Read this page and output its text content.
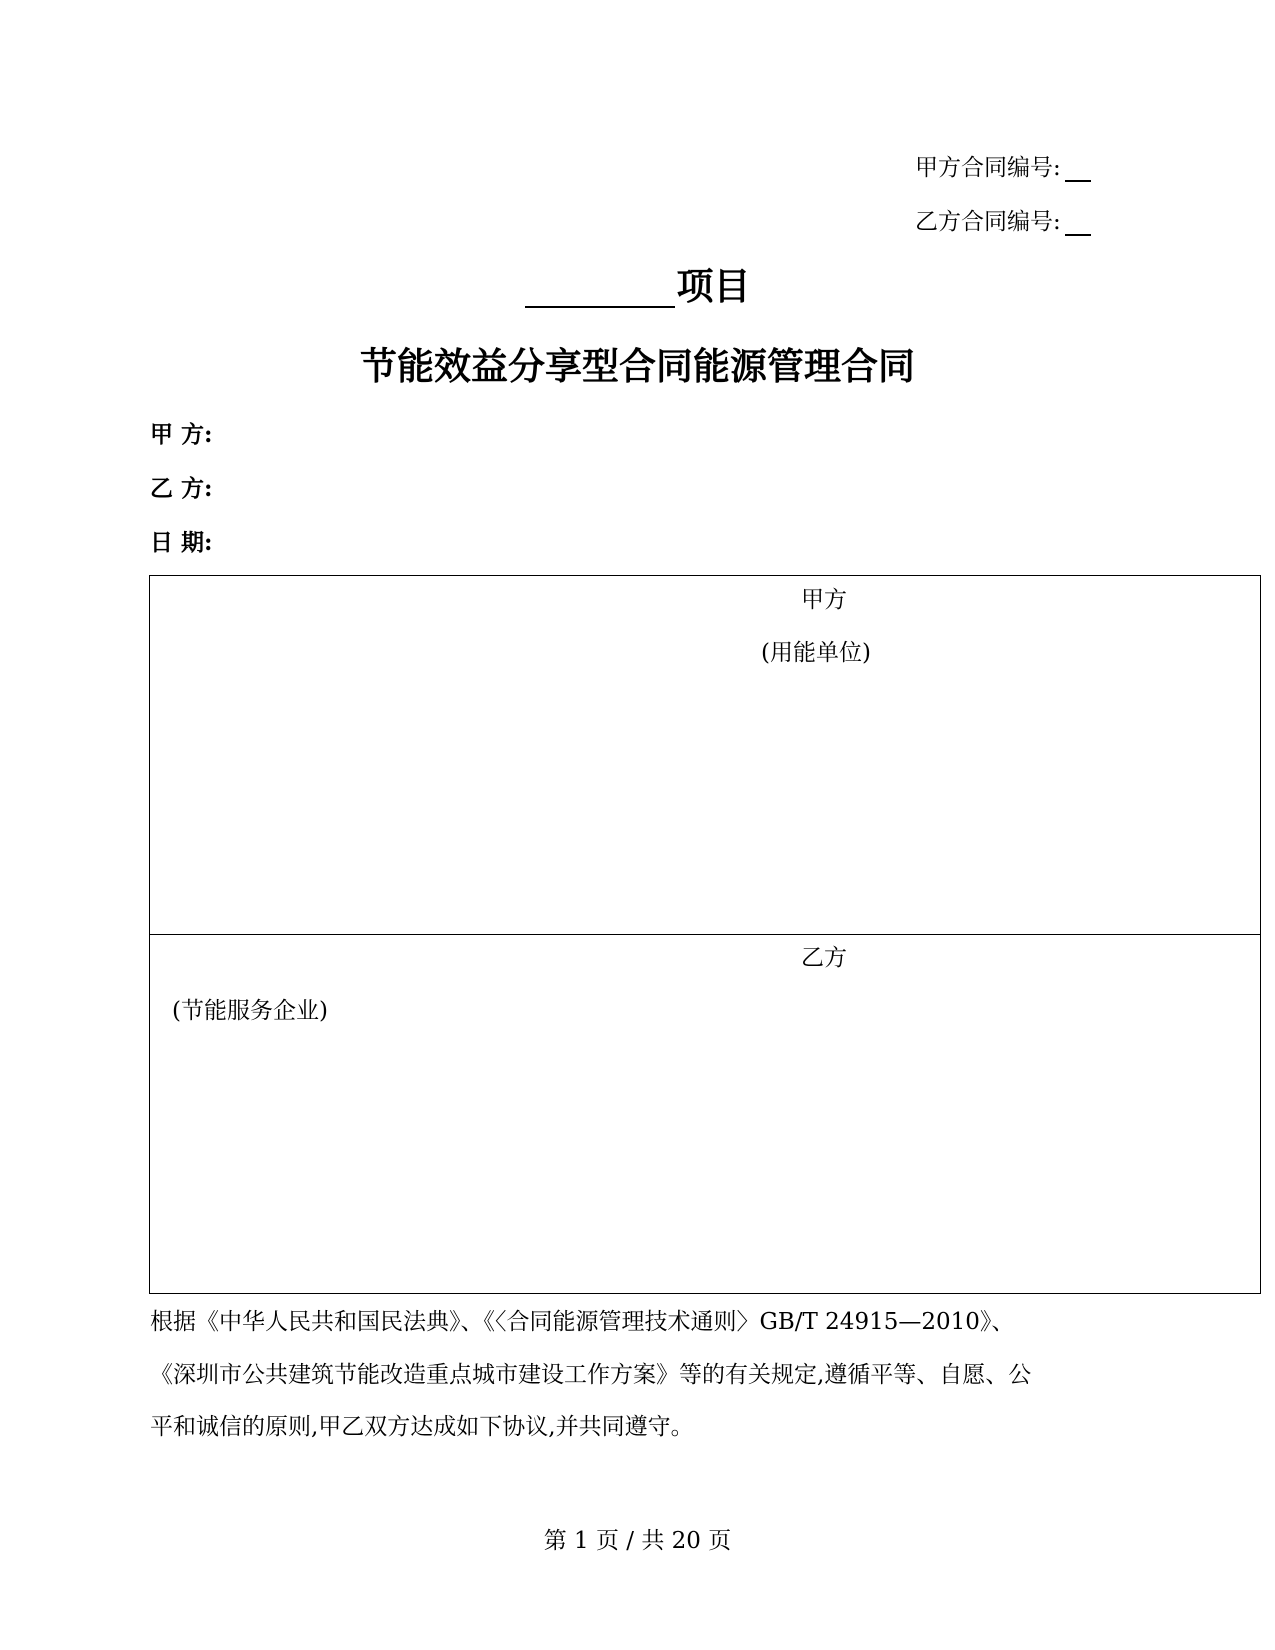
甲方合同编号:
乙方合同编号:
项目
节能效益分享型合同能源管理合同
甲 方:
乙 方:
日 期:
甲方
(用能单位)
乙方
(节能服务企业)

根据《中华人民共和国民法典》、《〈合同能源管理技术通则〉GB/T 24915—2010》、

《深圳市公共建筑节能改造重点城市建设工作方案》等的有关规定,遵循平等、自愿、公

平和诚信的原则,甲乙双方达成如下协议,并共同遵守。

第 1 页 / 共 20 页
